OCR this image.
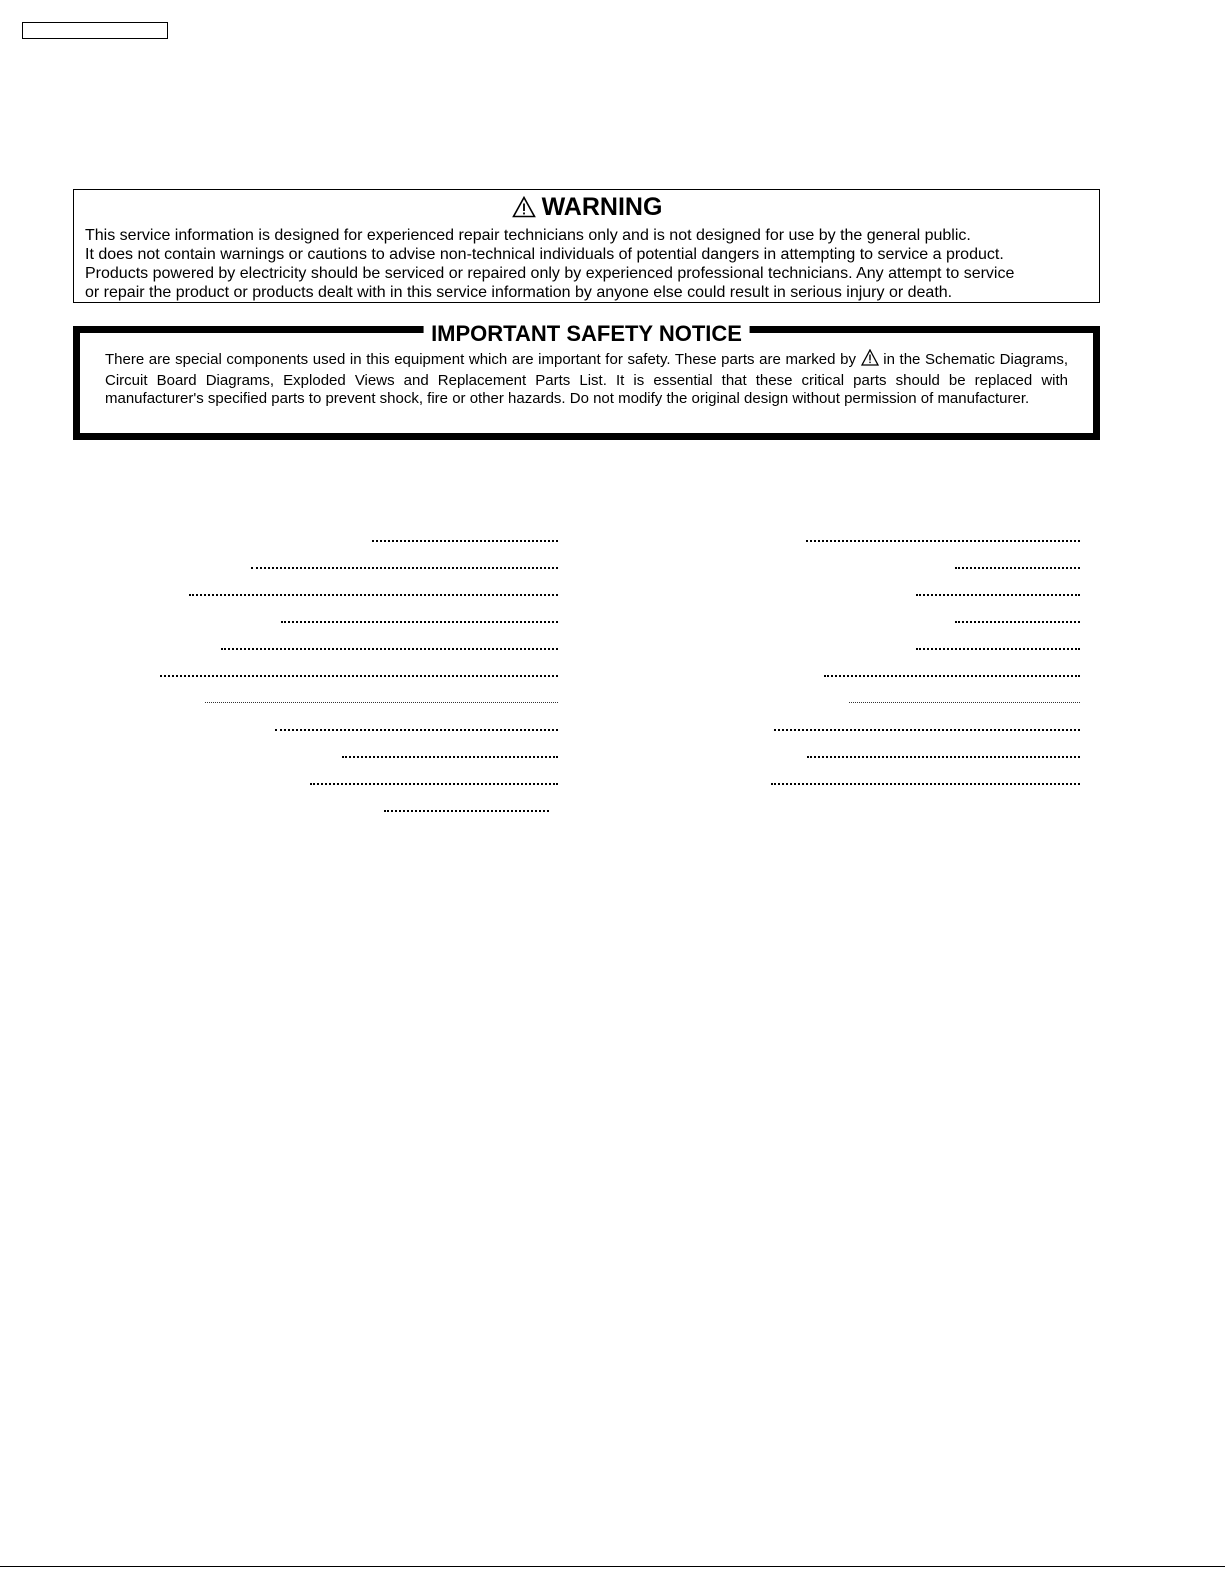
WARNING
This service information is designed for experienced repair technicians only and is not designed for use by the general public.
It does not contain warnings or cautions to advise non-technical individuals of potential dangers in attempting to service a product.
Products powered by electricity should be serviced or repaired only by experienced professional technicians. Any attempt to service
or repair the product or products dealt with in this service information by anyone else could result in serious injury or death.
IMPORTANT SAFETY NOTICE
There are special components used in this equipment which are important for safety. These parts are marked by in the Schematic Diagrams, Circuit Board Diagrams, Exploded Views and Replacement Parts List. It is essential that these critical parts should be replaced with manufacturer's specified parts to prevent shock, fire or other hazards. Do not modify the original design without permission of manufacturer.
